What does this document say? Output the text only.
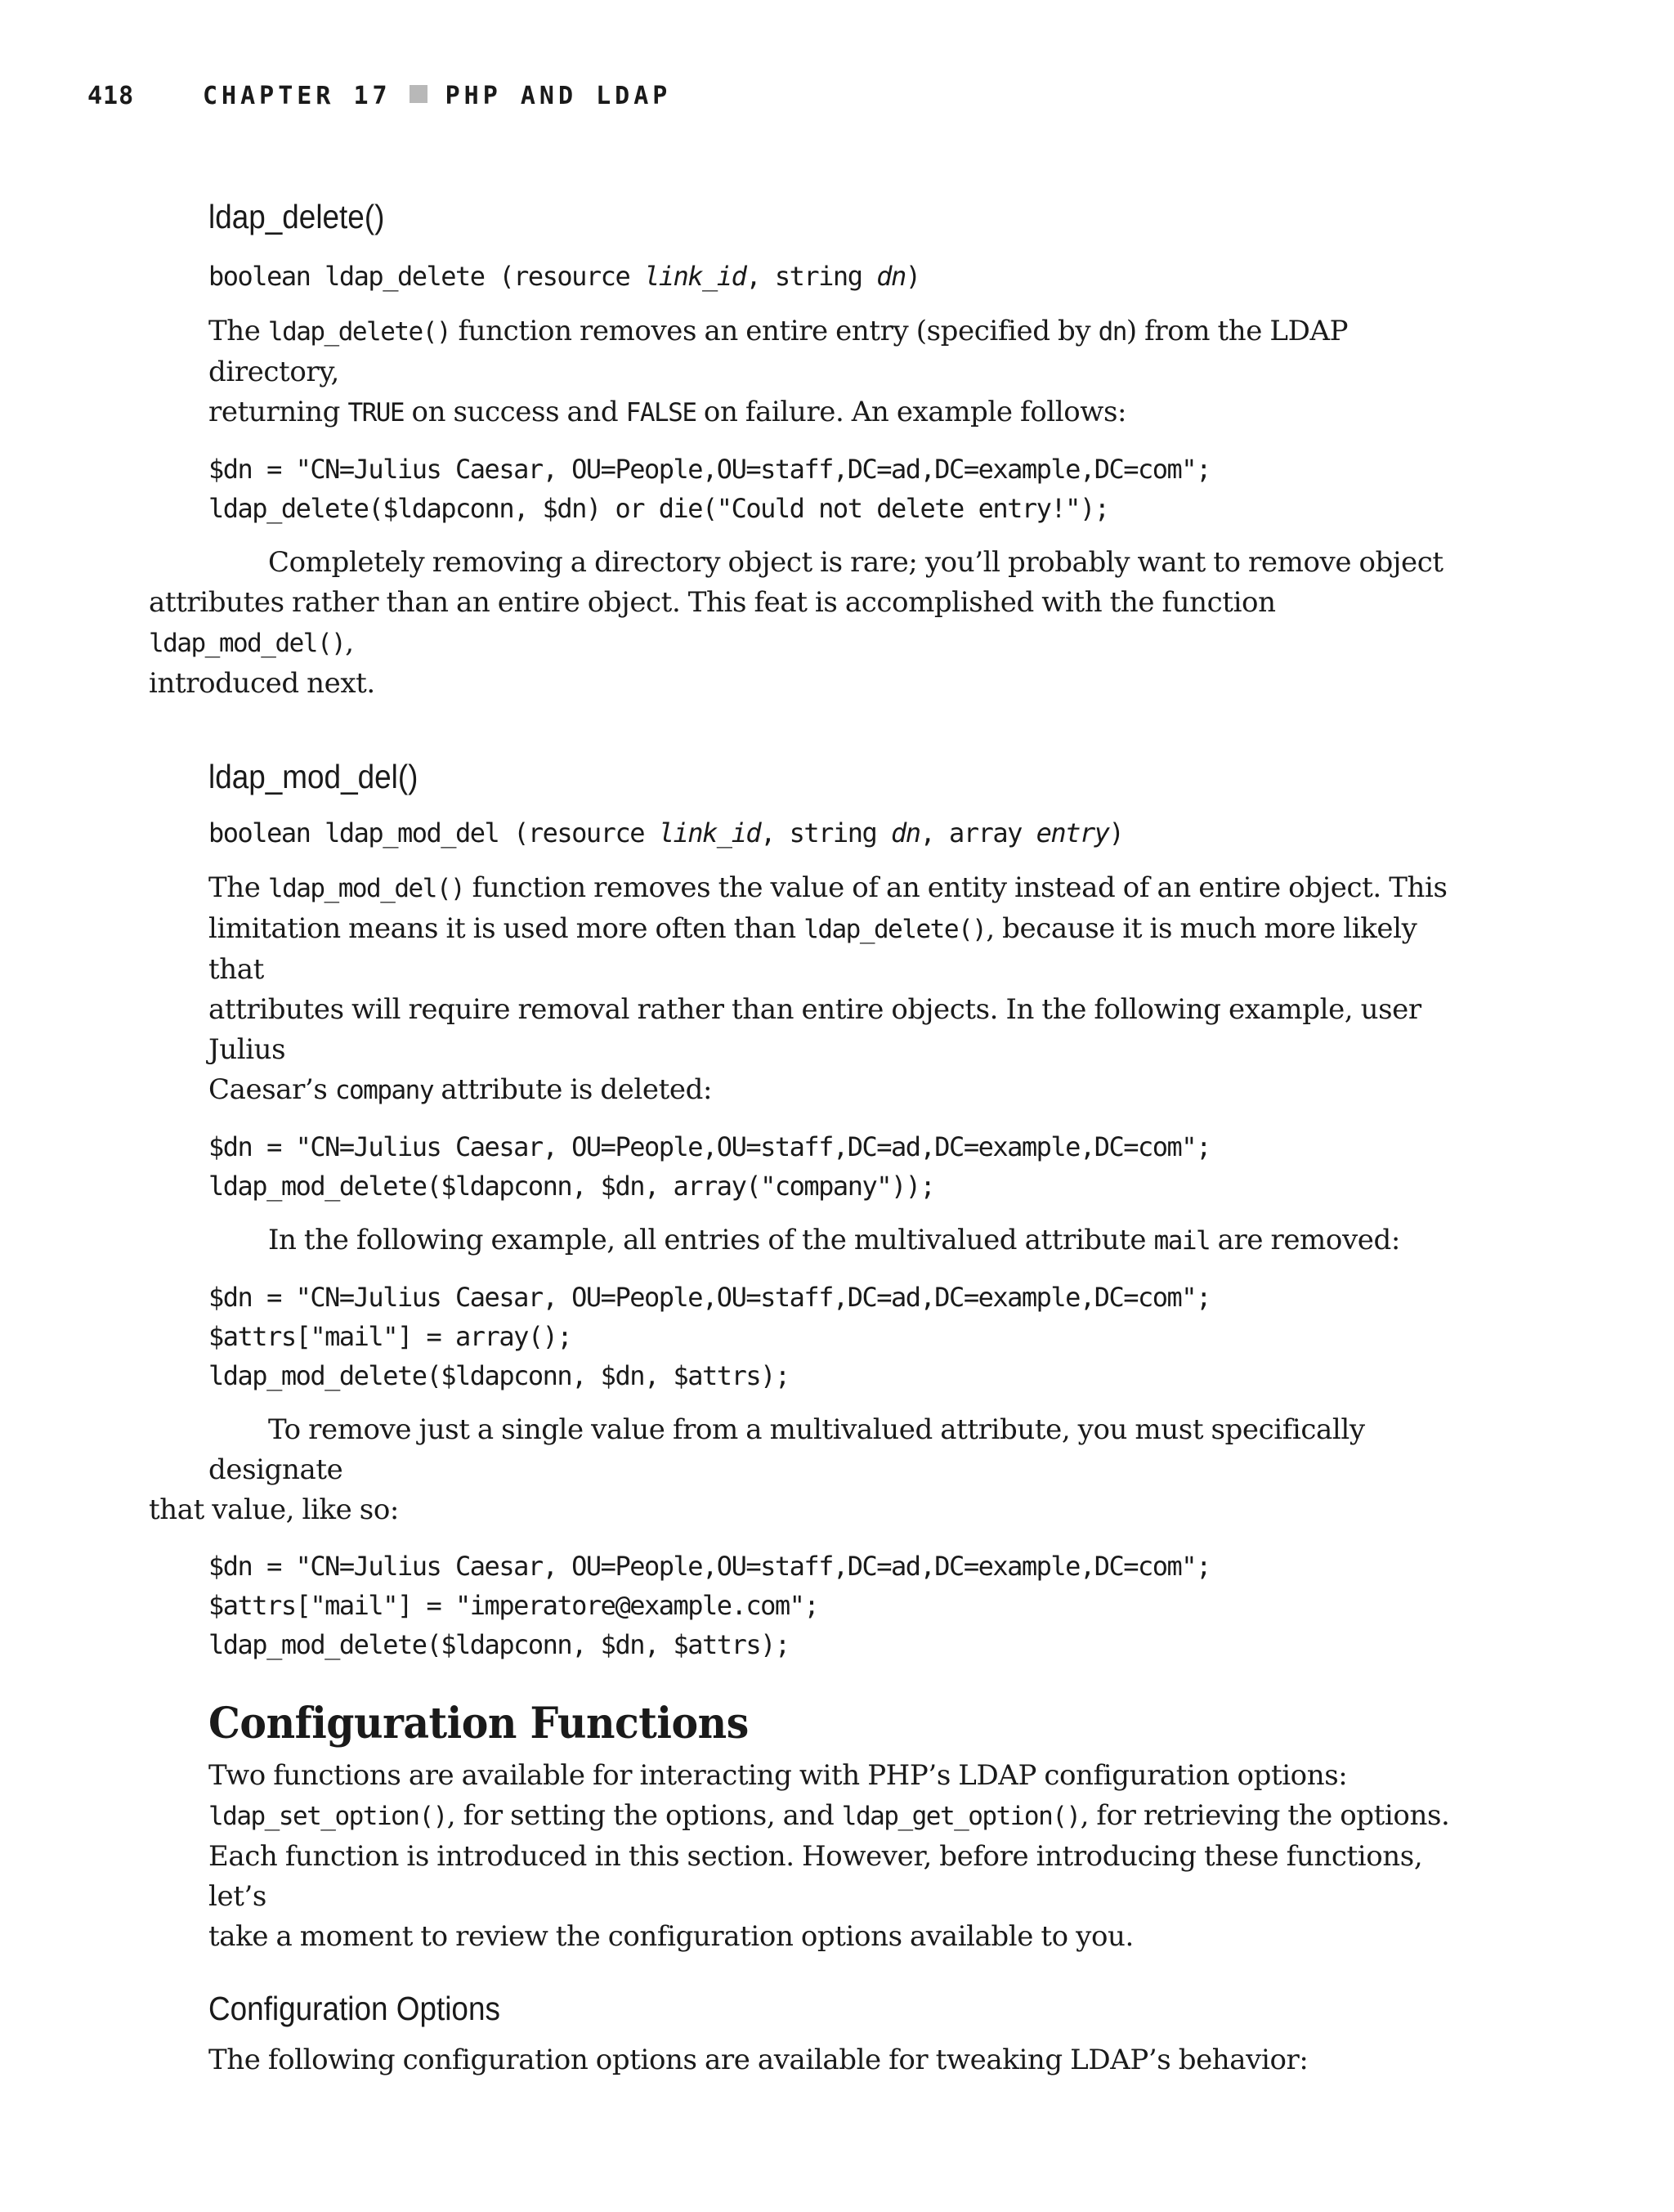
418	CHAPTER 17 PHP AND LDAP
ldap_delete()
boolean ldap_delete (resource link_id, string dn)
The ldap_delete() function removes an entire entry (specified by dn) from the LDAP directory,
returning TRUE on success and FALSE on failure. An example follows:
$dn = "CN=Julius Caesar, OU=People,OU=staff,DC=ad,DC=example,DC=com";
ldap_delete($ldapconn, $dn) or die("Could not delete entry!");
Completely removing a directory object is rare; you’ll probably want to remove object
attributes rather than an entire object. This feat is accomplished with the function ldap_mod_del(),
introduced next.
ldap_mod_del()
boolean ldap_mod_del (resource link_id, string dn, array entry)
The ldap_mod_del() function removes the value of an entity instead of an entire object. This
limitation means it is used more often than ldap_delete(), because it is much more likely that
attributes will require removal rather than entire objects. In the following example, user Julius
Caesar’s company attribute is deleted:
$dn = "CN=Julius Caesar, OU=People,OU=staff,DC=ad,DC=example,DC=com";
ldap_mod_delete($ldapconn, $dn, array("company"));
In the following example, all entries of the multivalued attribute mail are removed:
$dn = "CN=Julius Caesar, OU=People,OU=staff,DC=ad,DC=example,DC=com";
$attrs["mail"] = array();
ldap_mod_delete($ldapconn, $dn, $attrs);
To remove just a single value from a multivalued attribute, you must specifically designate
that value, like so:
$dn = "CN=Julius Caesar, OU=People,OU=staff,DC=ad,DC=example,DC=com";
$attrs["mail"] = "imperatore@example.com";
ldap_mod_delete($ldapconn, $dn, $attrs);
Configuration Functions
Two functions are available for interacting with PHP’s LDAP configuration options:
ldap_set_option(), for setting the options, and ldap_get_option(), for retrieving the options.
Each function is introduced in this section. However, before introducing these functions, let’s
take a moment to review the configuration options available to you.
Configuration Options
The following configuration options are available for tweaking LDAP’s behavior:
